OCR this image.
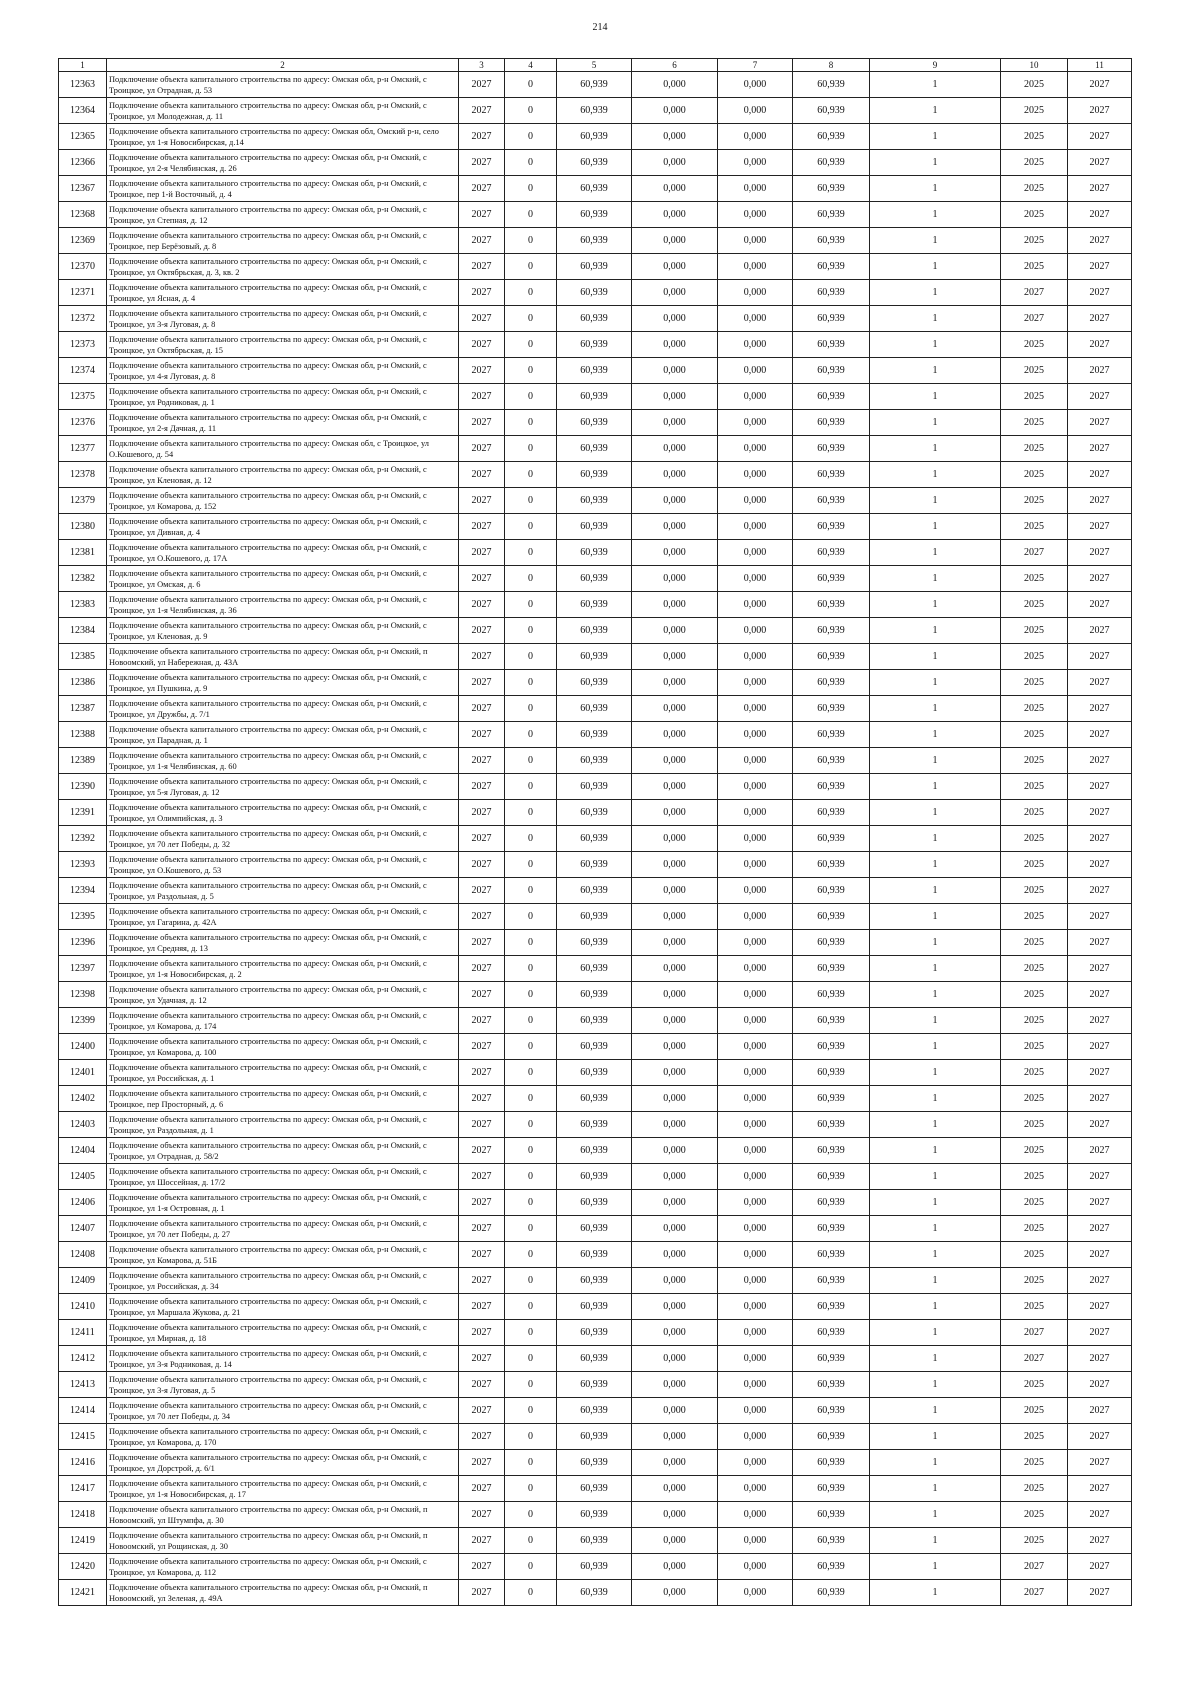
214
1	2	3	4	5	6	7	8	9	10	11
12363	Подключение объекта капитального строительства по адресу: Омская обл, р-н Омский, с Троицкое, ул Отрадная, д. 53	2027	0	60,939	0,000	0,000	60,939	1	2025	2027
12364	Подключение объекта капитального строительства по адресу: Омская обл, р-н Омский, с Троицкое, ул Молодежная, д. 11	2027	0	60,939	0,000	0,000	60,939	1	2025	2027
12365	Подключение объекта капитального строительства по адресу: Омская обл, Омский р-н, село Троицкое, ул 1-я Новосибирская, д.14	2027	0	60,939	0,000	0,000	60,939	1	2025	2027
12366	Подключение объекта капитального строительства по адресу: Омская обл, р-н Омский, с Троицкое, ул 2-я Челябинская, д. 26	2027	0	60,939	0,000	0,000	60,939	1	2025	2027
12367	Подключение объекта капитального строительства по адресу: Омская обл, р-н Омский, с Троицкое, пер 1-й Восточный, д. 4	2027	0	60,939	0,000	0,000	60,939	1	2025	2027
12368	Подключение объекта капитального строительства по адресу: Омская обл, р-н Омский, с Троицкое, ул Степная, д. 12	2027	0	60,939	0,000	0,000	60,939	1	2025	2027
12369	Подключение объекта капитального строительства по адресу: Омская обл, р-н Омский, с Троицкое, пер Берёзовый, д. 8	2027	0	60,939	0,000	0,000	60,939	1	2025	2027
12370	Подключение объекта капитального строительства по адресу: Омская обл, р-н Омский, с Троицкое, ул Октябрьская, д. 3, кв. 2	2027	0	60,939	0,000	0,000	60,939	1	2025	2027
12371	Подключение объекта капитального строительства по адресу: Омская обл, р-н Омский, с Троицкое, ул Ясная, д. 4	2027	0	60,939	0,000	0,000	60,939	1	2027	2027
12372	Подключение объекта капитального строительства по адресу: Омская обл, р-н Омский, с Троицкое, ул 3-я Луговая, д. 8	2027	0	60,939	0,000	0,000	60,939	1	2027	2027
12373	Подключение объекта капитального строительства по адресу: Омская обл, р-н Омский, с Троицкое, ул Октябрьская, д. 15	2027	0	60,939	0,000	0,000	60,939	1	2025	2027
12374	Подключение объекта капитального строительства по адресу: Омская обл, р-н Омский, с Троицкое, ул 4-я Луговая, д. 8	2027	0	60,939	0,000	0,000	60,939	1	2025	2027
12375	Подключение объекта капитального строительства по адресу: Омская обл, р-н Омский, с Троицкое, ул Родниковая, д. 1	2027	0	60,939	0,000	0,000	60,939	1	2025	2027
12376	Подключение объекта капитального строительства по адресу: Омская обл, р-н Омский, с Троицкое, ул 2-я Дачная, д. 11	2027	0	60,939	0,000	0,000	60,939	1	2025	2027
12377	Подключение объекта капитального строительства по адресу: Омская обл, с Троицкое, ул О.Кошевого, д. 54	2027	0	60,939	0,000	0,000	60,939	1	2025	2027
12378	Подключение объекта капитального строительства по адресу: Омская обл, р-н Омский, с Троицкое, ул Кленовая, д. 12	2027	0	60,939	0,000	0,000	60,939	1	2025	2027
12379	Подключение объекта капитального строительства по адресу: Омская обл, р-н Омский, с Троицкое, ул Комарова, д. 152	2027	0	60,939	0,000	0,000	60,939	1	2025	2027
12380	Подключение объекта капитального строительства по адресу: Омская обл, р-н Омский, с Троицкое, ул Дивная, д. 4	2027	0	60,939	0,000	0,000	60,939	1	2025	2027
12381	Подключение объекта капитального строительства по адресу: Омская обл, р-н Омский, с Троицкое, ул О.Кошевого, д. 17А	2027	0	60,939	0,000	0,000	60,939	1	2027	2027
12382	Подключение объекта капитального строительства по адресу: Омская обл, р-н Омский, с Троицкое, ул Омская, д. 6	2027	0	60,939	0,000	0,000	60,939	1	2025	2027
12383	Подключение объекта капитального строительства по адресу: Омская обл, р-н Омский, с Троицкое, ул 1-я Челябинская, д. 36	2027	0	60,939	0,000	0,000	60,939	1	2025	2027
12384	Подключение объекта капитального строительства по адресу: Омская обл, р-н Омский, с Троицкое, ул Кленовая, д. 9	2027	0	60,939	0,000	0,000	60,939	1	2025	2027
12385	Подключение объекта капитального строительства по адресу: Омская обл, р-н Омский, п Новоомский, ул Набережная, д. 43А	2027	0	60,939	0,000	0,000	60,939	1	2025	2027
12386	Подключение объекта капитального строительства по адресу: Омская обл, р-н Омский, с Троицкое, ул Пушкина, д. 9	2027	0	60,939	0,000	0,000	60,939	1	2025	2027
12387	Подключение объекта капитального строительства по адресу: Омская обл, р-н Омский, с Троицкое, ул Дружбы, д. 7/1	2027	0	60,939	0,000	0,000	60,939	1	2025	2027
12388	Подключение объекта капитального строительства по адресу: Омская обл, р-н Омский, с Троицкое, ул Парадная, д. 1	2027	0	60,939	0,000	0,000	60,939	1	2025	2027
12389	Подключение объекта капитального строительства по адресу: Омская обл, р-н Омский, с Троицкое, ул 1-я Челябинская, д. 60	2027	0	60,939	0,000	0,000	60,939	1	2025	2027
12390	Подключение объекта капитального строительства по адресу: Омская обл, р-н Омский, с Троицкое, ул 5-я Луговая, д. 12	2027	0	60,939	0,000	0,000	60,939	1	2025	2027
12391	Подключение объекта капитального строительства по адресу: Омская обл, р-н Омский, с Троицкое, ул Олимпийская, д. 3	2027	0	60,939	0,000	0,000	60,939	1	2025	2027
12392	Подключение объекта капитального строительства по адресу: Омская обл, р-н Омский, с Троицкое, ул 70 лет Победы, д. 32	2027	0	60,939	0,000	0,000	60,939	1	2025	2027
12393	Подключение объекта капитального строительства по адресу: Омская обл, р-н Омский, с Троицкое, ул О.Кошевого, д. 53	2027	0	60,939	0,000	0,000	60,939	1	2025	2027
12394	Подключение объекта капитального строительства по адресу: Омская обл, р-н Омский, с Троицкое, ул Раздольная, д. 5	2027	0	60,939	0,000	0,000	60,939	1	2025	2027
12395	Подключение объекта капитального строительства по адресу: Омская обл, р-н Омский, с Троицкое, ул Гагарина, д. 42А	2027	0	60,939	0,000	0,000	60,939	1	2025	2027
12396	Подключение объекта капитального строительства по адресу: Омская обл, р-н Омский, с Троицкое, ул Средняя, д. 13	2027	0	60,939	0,000	0,000	60,939	1	2025	2027
12397	Подключение объекта капитального строительства по адресу: Омская обл, р-н Омский, с Троицкое, ул 1-я Новосибирская, д. 2	2027	0	60,939	0,000	0,000	60,939	1	2025	2027
12398	Подключение объекта капитального строительства по адресу: Омская обл, р-н Омский, с Троицкое, ул Удачная, д. 12	2027	0	60,939	0,000	0,000	60,939	1	2025	2027
12399	Подключение объекта капитального строительства по адресу: Омская обл, р-н Омский, с Троицкое, ул Комарова, д. 174	2027	0	60,939	0,000	0,000	60,939	1	2025	2027
12400	Подключение объекта капитального строительства по адресу: Омская обл, р-н Омский, с Троицкое, ул Комарова, д. 100	2027	0	60,939	0,000	0,000	60,939	1	2025	2027
12401	Подключение объекта капитального строительства по адресу: Омская обл, р-н Омский, с Троицкое, ул Российская, д. 1	2027	0	60,939	0,000	0,000	60,939	1	2025	2027
12402	Подключение объекта капитального строительства по адресу: Омская обл, р-н Омский, с Троицкое, пер Просторный, д. 6	2027	0	60,939	0,000	0,000	60,939	1	2025	2027
12403	Подключение объекта капитального строительства по адресу: Омская обл, р-н Омский, с Троицкое, ул Раздольная, д. 1	2027	0	60,939	0,000	0,000	60,939	1	2025	2027
12404	Подключение объекта капитального строительства по адресу: Омская обл, р-н Омский, с Троицкое, ул Отрадная, д. 58/2	2027	0	60,939	0,000	0,000	60,939	1	2025	2027
12405	Подключение объекта капитального строительства по адресу: Омская обл, р-н Омский, с Троицкое, ул Шоссейная, д. 17/2	2027	0	60,939	0,000	0,000	60,939	1	2025	2027
12406	Подключение объекта капитального строительства по адресу: Омская обл, р-н Омский, с Троицкое, ул 1-я Островная, д. 1	2027	0	60,939	0,000	0,000	60,939	1	2025	2027
12407	Подключение объекта капитального строительства по адресу: Омская обл, р-н Омский, с Троицкое, ул 70 лет Победы, д. 27	2027	0	60,939	0,000	0,000	60,939	1	2025	2027
12408	Подключение объекта капитального строительства по адресу: Омская обл, р-н Омский, с Троицкое, ул Комарова, д. 51Б	2027	0	60,939	0,000	0,000	60,939	1	2025	2027
12409	Подключение объекта капитального строительства по адресу: Омская обл, р-н Омский, с Троицкое, ул Российская, д. 34	2027	0	60,939	0,000	0,000	60,939	1	2025	2027
12410	Подключение объекта капитального строительства по адресу: Омская обл, р-н Омский, с Троицкое, ул Маршала Жукова, д. 21	2027	0	60,939	0,000	0,000	60,939	1	2025	2027
12411	Подключение объекта капитального строительства по адресу: Омская обл, р-н Омский, с Троицкое, ул Мирная, д. 18	2027	0	60,939	0,000	0,000	60,939	1	2027	2027
12412	Подключение объекта капитального строительства по адресу: Омская обл, р-н Омский, с Троицкое, ул 3-я Родниковая, д. 14	2027	0	60,939	0,000	0,000	60,939	1	2027	2027
12413	Подключение объекта капитального строительства по адресу: Омская обл, р-н Омский, с Троицкое, ул 3-я Луговая, д. 5	2027	0	60,939	0,000	0,000	60,939	1	2025	2027
12414	Подключение объекта капитального строительства по адресу: Омская обл, р-н Омский, с Троицкое, ул 70 лет Победы, д. 34	2027	0	60,939	0,000	0,000	60,939	1	2025	2027
12415	Подключение объекта капитального строительства по адресу: Омская обл, р-н Омский, с Троицкое, ул Комарова, д. 170	2027	0	60,939	0,000	0,000	60,939	1	2025	2027
12416	Подключение объекта капитального строительства по адресу: Омская обл, р-н Омский, с Троицкое, ул Дорстрой, д. 6/1	2027	0	60,939	0,000	0,000	60,939	1	2025	2027
12417	Подключение объекта капитального строительства по адресу: Омская обл, р-н Омский, с Троицкое, ул 1-я Новосибирская, д. 17	2027	0	60,939	0,000	0,000	60,939	1	2025	2027
12418	Подключение объекта капитального строительства по адресу: Омская обл, р-н Омский, п Новоомский, ул Штумпфа, д. 30	2027	0	60,939	0,000	0,000	60,939	1	2025	2027
12419	Подключение объекта капитального строительства по адресу: Омская обл, р-н Омский, п Новоомский, ул Рощинская, д. 30	2027	0	60,939	0,000	0,000	60,939	1	2025	2027
12420	Подключение объекта капитального строительства по адресу: Омская обл, р-н Омский, с Троицкое, ул Комарова, д. 112	2027	0	60,939	0,000	0,000	60,939	1	2027	2027
12421	Подключение объекта капитального строительства по адресу: Омская обл, р-н Омский, п Новоомский, ул Зеленая, д. 49А	2027	0	60,939	0,000	0,000	60,939	1	2027	2027
